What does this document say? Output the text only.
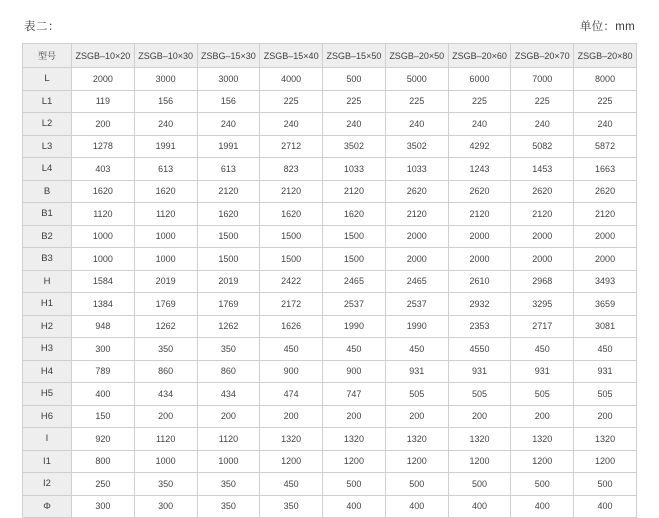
表二：	单位：mm
型号	ZSGB–10×20	ZSGB–10×30	ZSBG–15×30	ZSGB–15×40	ZSGB–15×50	ZSGB–20×50	ZSGB–20×60	ZSGB–20×70	ZSGB–20×80
L	2000	3000	3000	4000	500	5000	6000	7000	8000
L1	119	156	156	225	225	225	225	225	225
L2	200	240	240	240	240	240	240	240	240
L3	1278	1991	1991	2712	3502	3502	4292	5082	5872
L4	403	613	613	823	1033	1033	1243	1453	1663
B	1620	1620	2120	2120	2120	2620	2620	2620	2620
B1	1120	1120	1620	1620	1620	2120	2120	2120	2120
B2	1000	1000	1500	1500	1500	2000	2000	2000	2000
B3	1000	1000	1500	1500	1500	2000	2000	2000	2000
H	1584	2019	2019	2422	2465	2465	2610	2968	3493
H1	1384	1769	1769	2172	2537	2537	2932	3295	3659
H2	948	1262	1262	1626	1990	1990	2353	2717	3081
H3	300	350	350	450	450	450	4550	450	450
H4	789	860	860	900	900	931	931	931	931
H5	400	434	434	474	747	505	505	505	505
H6	150	200	200	200	200	200	200	200	200
I	920	1120	1120	1320	1320	1320	1320	1320	1320
I1	800	1000	1000	1200	1200	1200	1200	1200	1200
I2	250	350	350	450	500	500	500	500	500
Φ	300	300	350	350	400	400	400	400	400
